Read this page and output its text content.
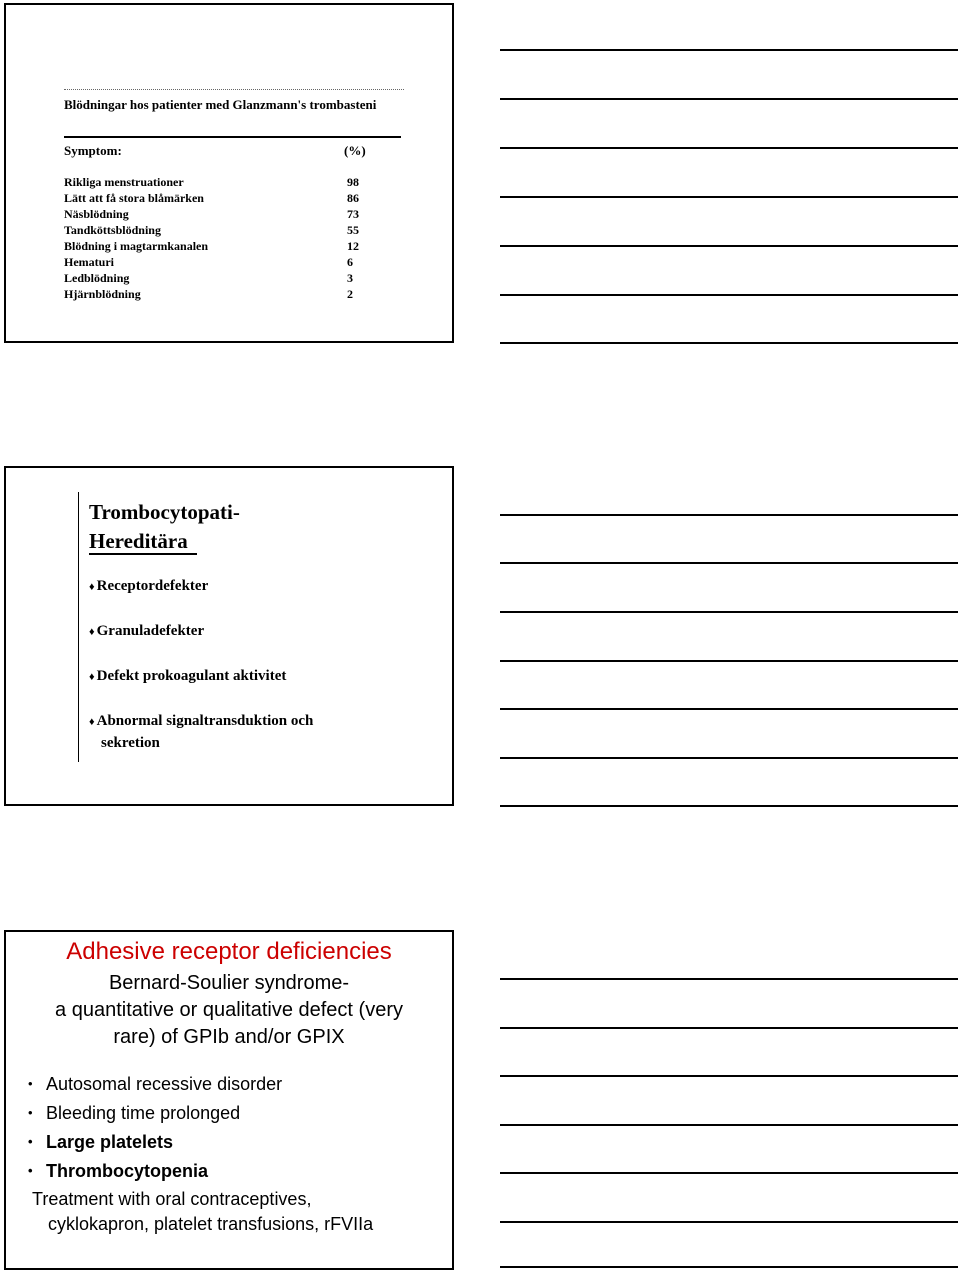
Blödningar hos patienter med Glanzmann's trombasteni
Symptom:	(%)
Rikliga menstruationer	98
Lätt att få stora blåmärken	86
Näsblödning	73
Tandköttsblödning	55
Blödning i magtarmkanalen	12
Hematuri	6
Ledblödning	3
Hjärnblödning	2
Trombocytopati-
Hereditära
♦ Receptordefekter
♦ Granuladefekter
♦ Defekt prokoagulant aktivitet
♦ Abnormal signaltransduktion och
sekretion
Adhesive receptor deficiencies
Bernard-Soulier syndrome-
a quantitative or qualitative defect (very
rare) of GPIb and/or GPIX
• Autosomal recessive disorder
• Bleeding time prolonged
• Large platelets
• Thrombocytopenia
Treatment with oral contraceptives,
cyklokapron, platelet transfusions, rFVIIa
